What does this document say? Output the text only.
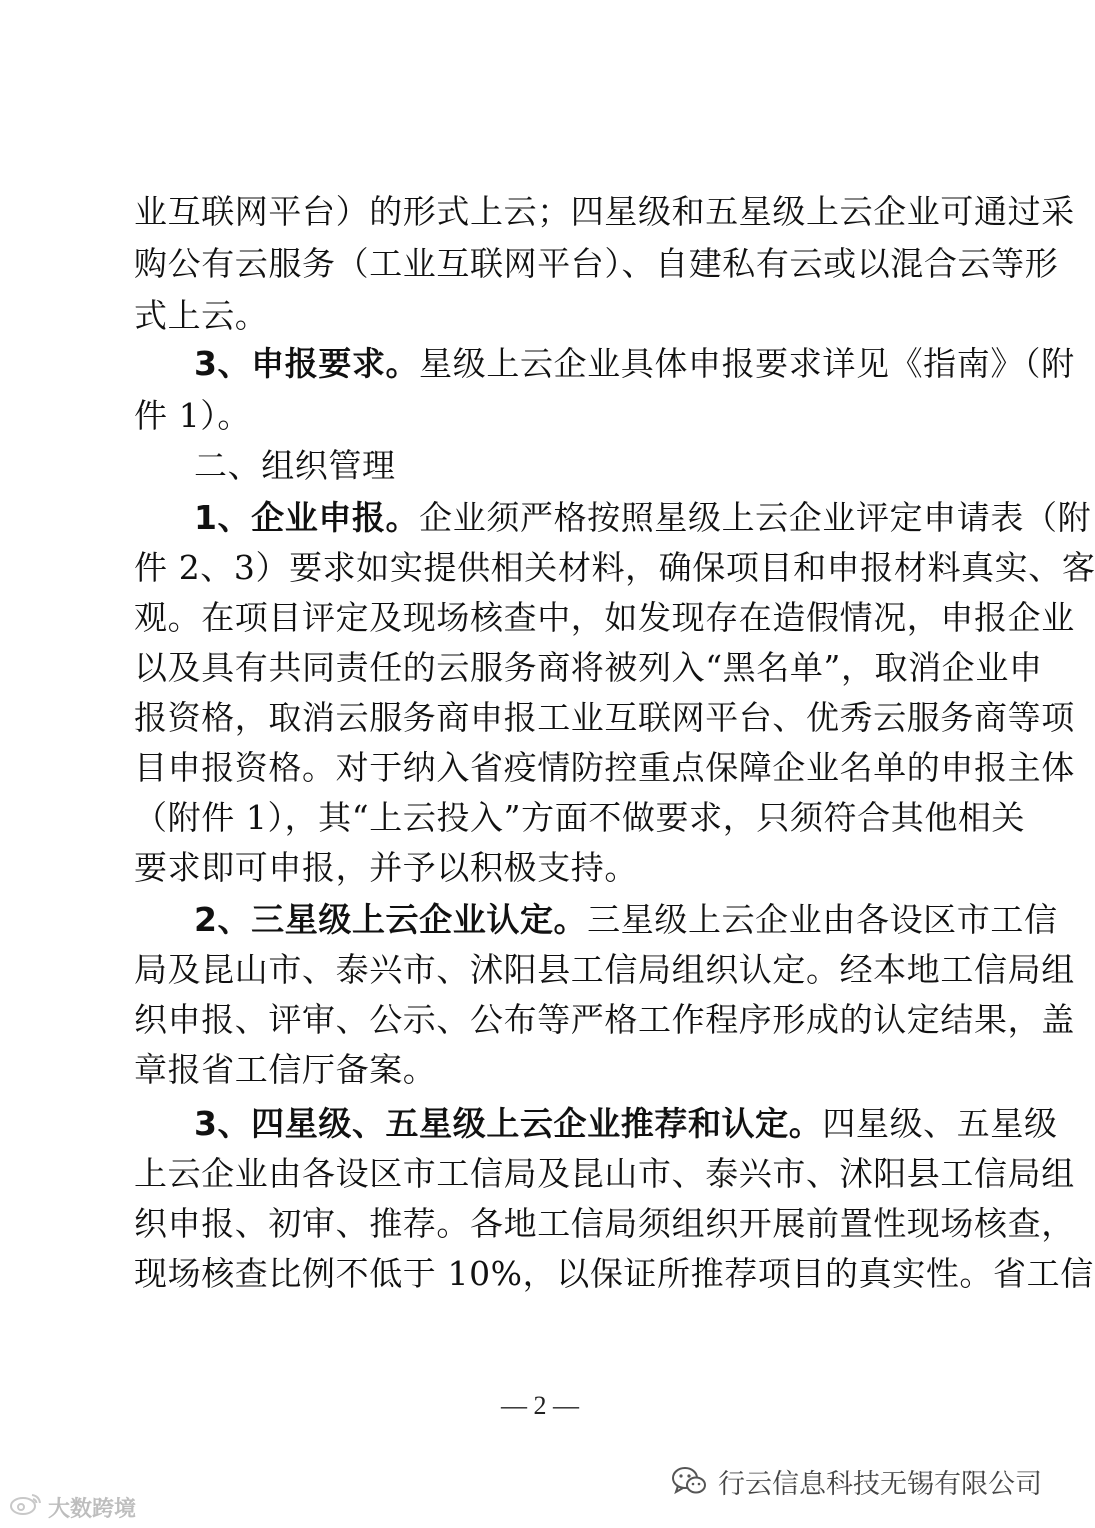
业互联网平台）的形式上云；四星级和五星级上云企业可通过采
购公有云服务（工业互联网平台）、自建私有云或以混合云等形
式上云。
3、申报要求。星级上云企业具体申报要求详见《指南》（附
件 1）。
二、组织管理
1、企业申报。企业须严格按照星级上云企业评定申请表（附
件 2、3）要求如实提供相关材料，确保项目和申报材料真实、客
观。在项目评定及现场核查中，如发现存在造假情况，申报企业
以及具有共同责任的云服务商将被列入“黑名单”，取消企业申
报资格，取消云服务商申报工业互联网平台、优秀云服务商等项
目申报资格。对于纳入省疫情防控重点保障企业名单的申报主体
（附件 1），其“上云投入”方面不做要求，只须符合其他相关
要求即可申报，并予以积极支持。
2、三星级上云企业认定。三星级上云企业由各设区市工信
局及昆山市、泰兴市、沭阳县工信局组织认定。经本地工信局组
织申报、评审、公示、公布等严格工作程序形成的认定结果，盖
章报省工信厅备案。
3、四星级、五星级上云企业推荐和认定。四星级、五星级
上云企业由各设区市工信局及昆山市、泰兴市、沭阳县工信局组
织申报、初审、推荐。各地工信局须组织开展前置性现场核查，
现场核查比例不低于 10%，以保证所推荐项目的真实性。省工信
— 2 —
行云信息科技无锡有限公司
大数跨境
